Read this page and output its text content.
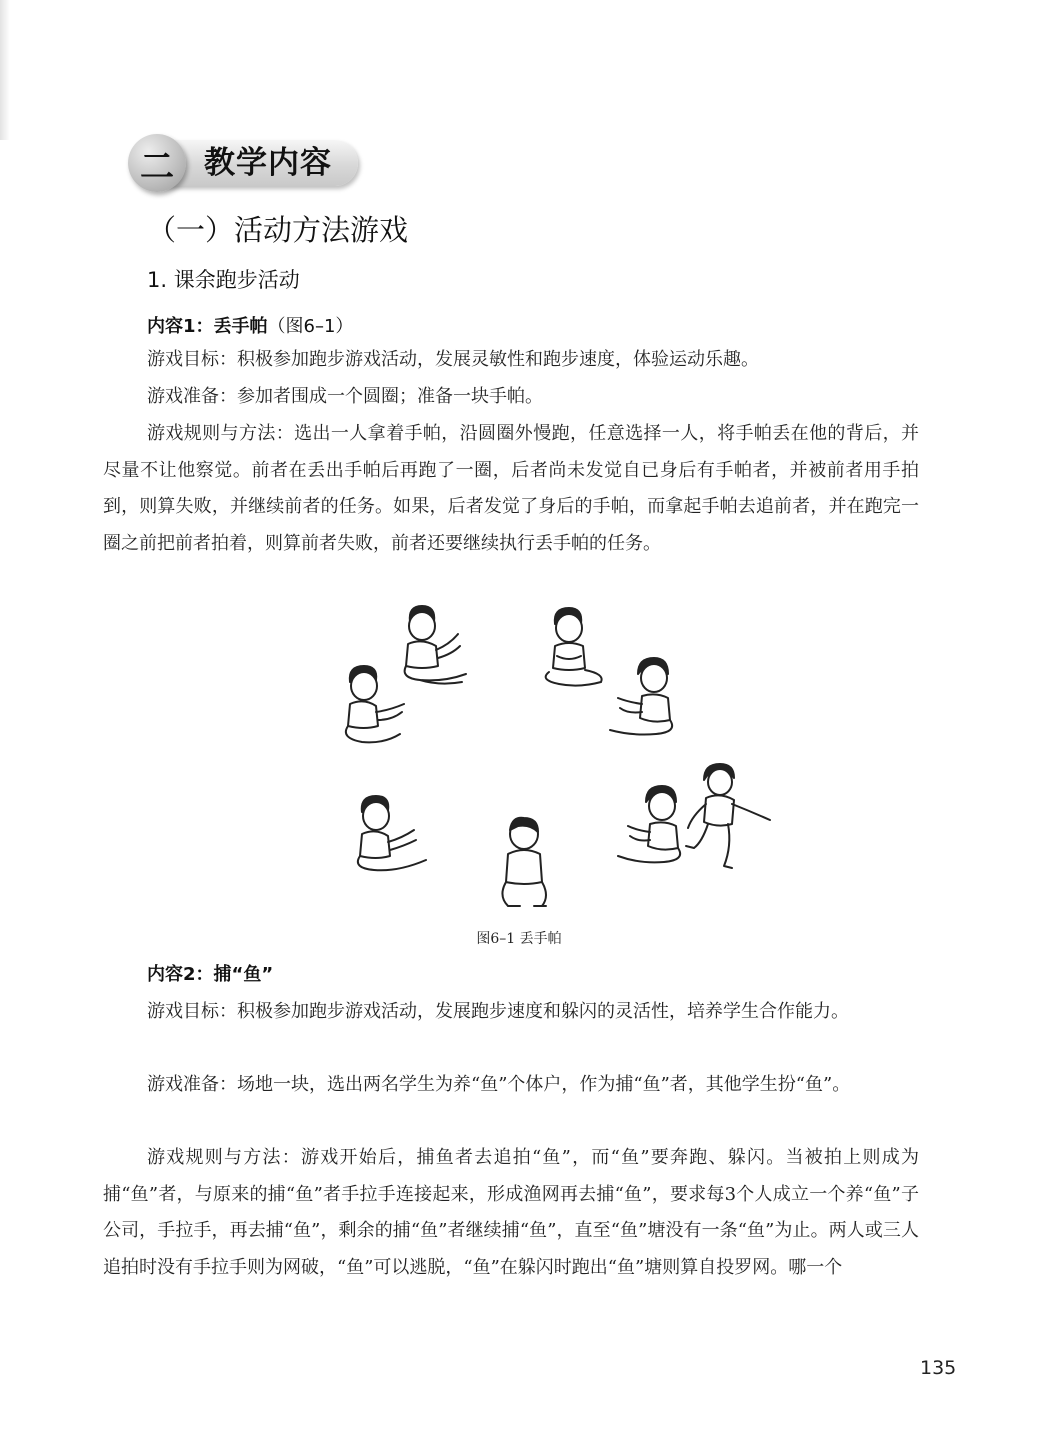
二 教学内容
（一）活动方法游戏
1. 课余跑步活动
内容1：丢手帕（图6–1）

游戏目标：积极参加跑步游戏活动，发展灵敏性和跑步速度，体验运动乐趣。

游戏准备：参加者围成一个圆圈；准备一块手帕。

游戏规则与方法：选出一人拿着手帕，沿圆圈外慢跑，任意选择一人，将手帕丢在他的背后，并尽量不让他察觉。前者在丢出手帕后再跑了一圈，后者尚未发觉自已身后有手帕者，并被前者用手拍到，则算失败，并继续前者的任务。如果，后者发觉了身后的手帕，而拿起手帕去追前者，并在跑完一圈之前把前者拍着，则算前者失败，前者还要继续执行丢手帕的任务。

图6–1 丢手帕
内容2：捕“鱼”

游戏目标：积极参加跑步游戏活动，发展跑步速度和躲闪的灵活性，培养学生合作能力。

游戏准备：场地一块，选出两名学生为养“鱼”个体户，作为捕“鱼”者，其他学生扮“鱼”。

游戏规则与方法：游戏开始后，捕鱼者去追拍“鱼”，而“鱼”要奔跑、躲闪。当被拍上则成为捕“鱼”者，与原来的捕“鱼”者手拉手连接起来，形成渔网再去捕“鱼”，要求每3个人成立一个养“鱼”子公司，手拉手，再去捕“鱼”，剩余的捕“鱼”者继续捕“鱼”，直至“鱼”塘没有一条“鱼”为止。两人或三人追拍时没有手拉手则为网破，“鱼”可以逃脱，“鱼”在躲闪时跑出“鱼”塘则算自投罗网。哪一个

135
